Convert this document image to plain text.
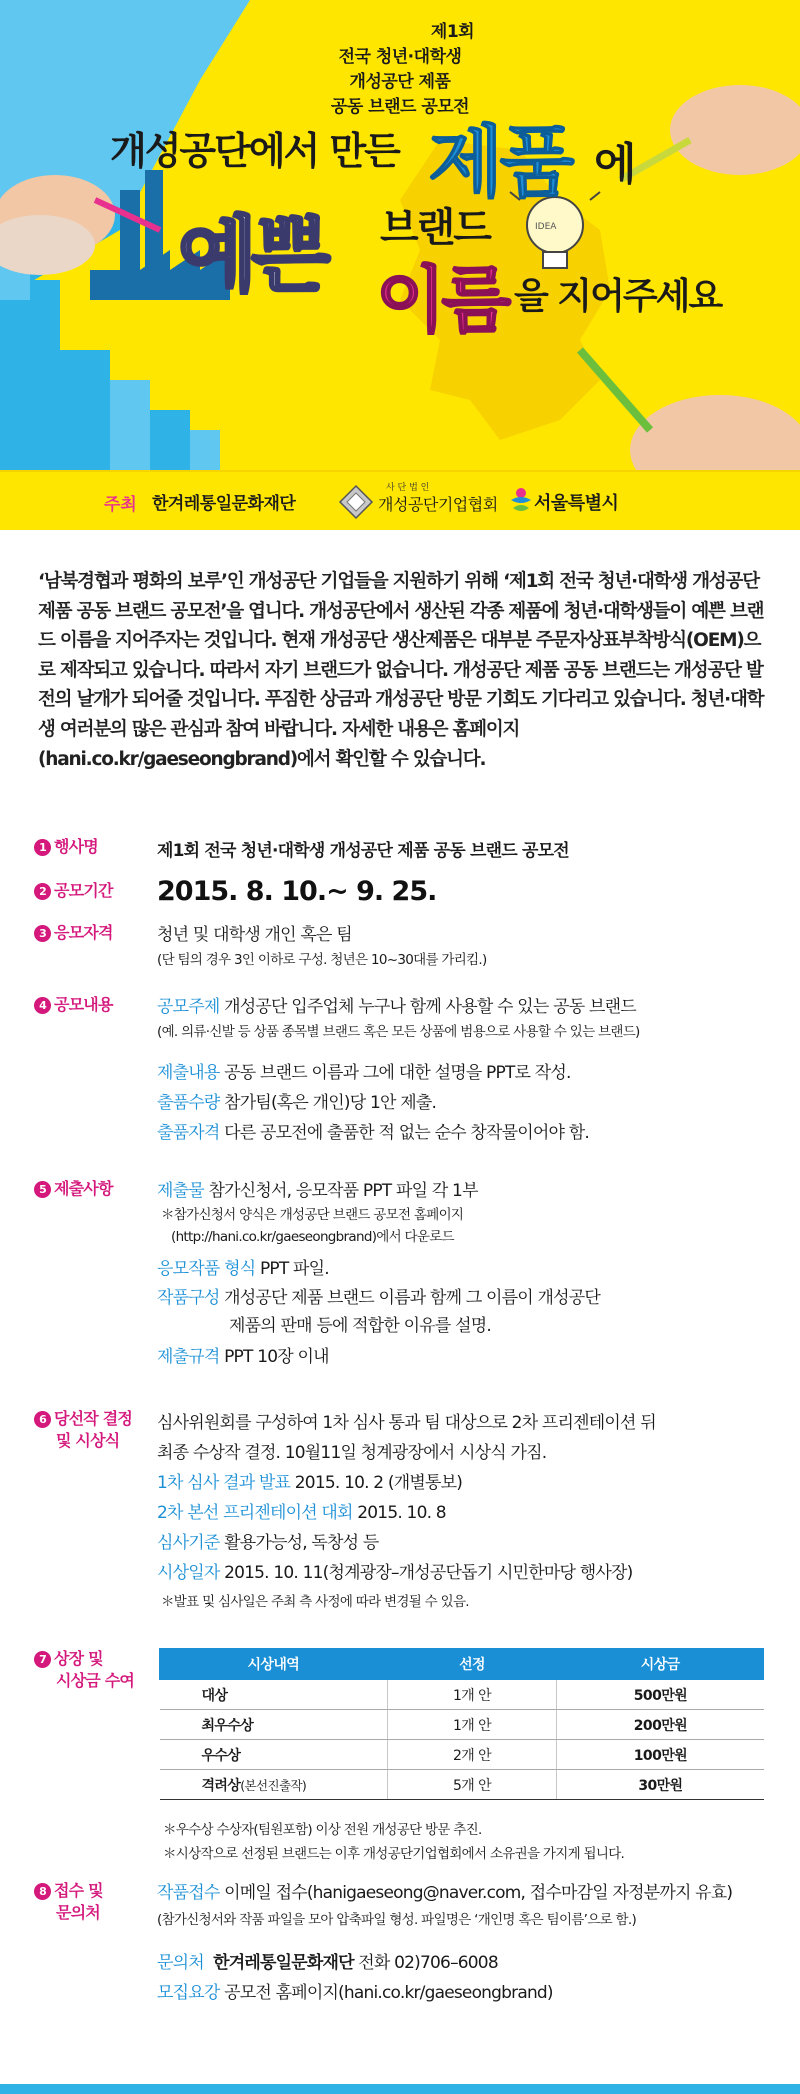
제1회
전국 청년·대학생
개성공단 제품
공동 브랜드 공모전
개성공단에서 만든 제품 에
예쁜 브랜드
이름 을 지어주세요
IDEA
주최 한겨레통일문화재단
사 단 법 인
개성공단기업협회 서울특별시

‘남북경협과 평화의 보루’인 개성공단 기업들을 지원하기 위해 ‘제1회 전국 청년·대학생 개성공단 제품 공동 브랜드 공모전’을 엽니다. 개성공단에서 생산된 각종 제품에 청년·대학생들이 예쁜 브랜드 이름을 지어주자는 것입니다. 현재 개성공단 생산제품은 대부분 주문자상표부착방식(OEM)으로 제작되고 있습니다. 따라서 자기 브랜드가 없습니다. 개성공단 제품 공동 브랜드는 개성공단 발전의 날개가 되어줄 것입니다. 푸짐한 상금과 개성공단 방문 기회도 기다리고 있습니다. 청년·대학생 여러분의 많은 관심과 참여 바랍니다. 자세한 내용은 홈페이지(hani.co.kr/gaeseongbrand)에서 확인할 수 있습니다.

1 행사명	제1회 전국 청년·대학생 개성공단 제품 공동 브랜드 공모전
2 공모기간	2015. 8. 10.~ 9. 25.
3 응모자격	청년 및 대학생 개인 혹은 팀
(단 팀의 경우 3인 이하로 구성. 청년은 10~30대를 가리킴.)
4 공모내용	공모주제 개성공단 입주업체 누구나 함께 사용할 수 있는 공동 브랜드
(예. 의류·신발 등 상품 종목별 브랜드 혹은 모든 상품에 범용으로 사용할 수 있는 브랜드)
제출내용 공동 브랜드 이름과 그에 대한 설명을 PPT로 작성.
출품수량 참가팀(혹은 개인)당 1안 제출.
출품자격 다른 공모전에 출품한 적 없는 순수 창작물이어야 함.
5 제출사항	제출물 참가신청서, 응모작품 PPT 파일 각 1부
＊참가신청서 양식은 개성공단 브랜드 공모전 홈페이지
(http://hani.co.kr/gaeseongbrand)에서 다운로드
응모작품 형식 PPT 파일.
작품구성 개성공단 제품 브랜드 이름과 함께 그 이름이 개성공단
제품의 판매 등에 적합한 이유를 설명.
제출규격 PPT 10장 이내
6 당선작 결정
및 시상식
심사위원회를 구성하여 1차 심사 통과 팀 대상으로 2차 프리젠테이션 뒤
최종 수상작 결정. 10월11일 청계광장에서 시상식 가짐.
1차 심사 결과 발표 2015. 10. 2 (개별통보)
2차 본선 프리젠테이션 대회 2015. 10. 8
심사기준 활용가능성, 독창성 등
시상일자 2015. 10. 11(청계광장–개성공단돕기 시민한마당 행사장)
＊발표 및 심사일은 주최 측 사정에 따라 변경될 수 있음.
7 상장 및
시상금 수여
시상내역	선정	시상금
대상	1개 안	500만원
최우수상	1개 안	200만원
우수상	2개 안	100만원
격려상(본선진출작)	5개 안	30만원
＊우수상 수상자(팀원포함) 이상 전원 개성공단 방문 추진.
＊시상작으로 선정된 브랜드는 이후 개성공단기업협회에서 소유권을 가지게 됩니다.
8 접수 및
문의처
작품접수 이메일 접수(hanigaeseong@naver.com, 접수마감일 자정분까지 유효)
(참가신청서와 작품 파일을 모아 압축파일 형성. 파일명은 ‘개인명 혹은 팀이름’으로 함.)
문의처 한겨레통일문화재단 전화 02)706–6008
모집요강 공모전 홈페이지(hani.co.kr/gaeseongbrand)
